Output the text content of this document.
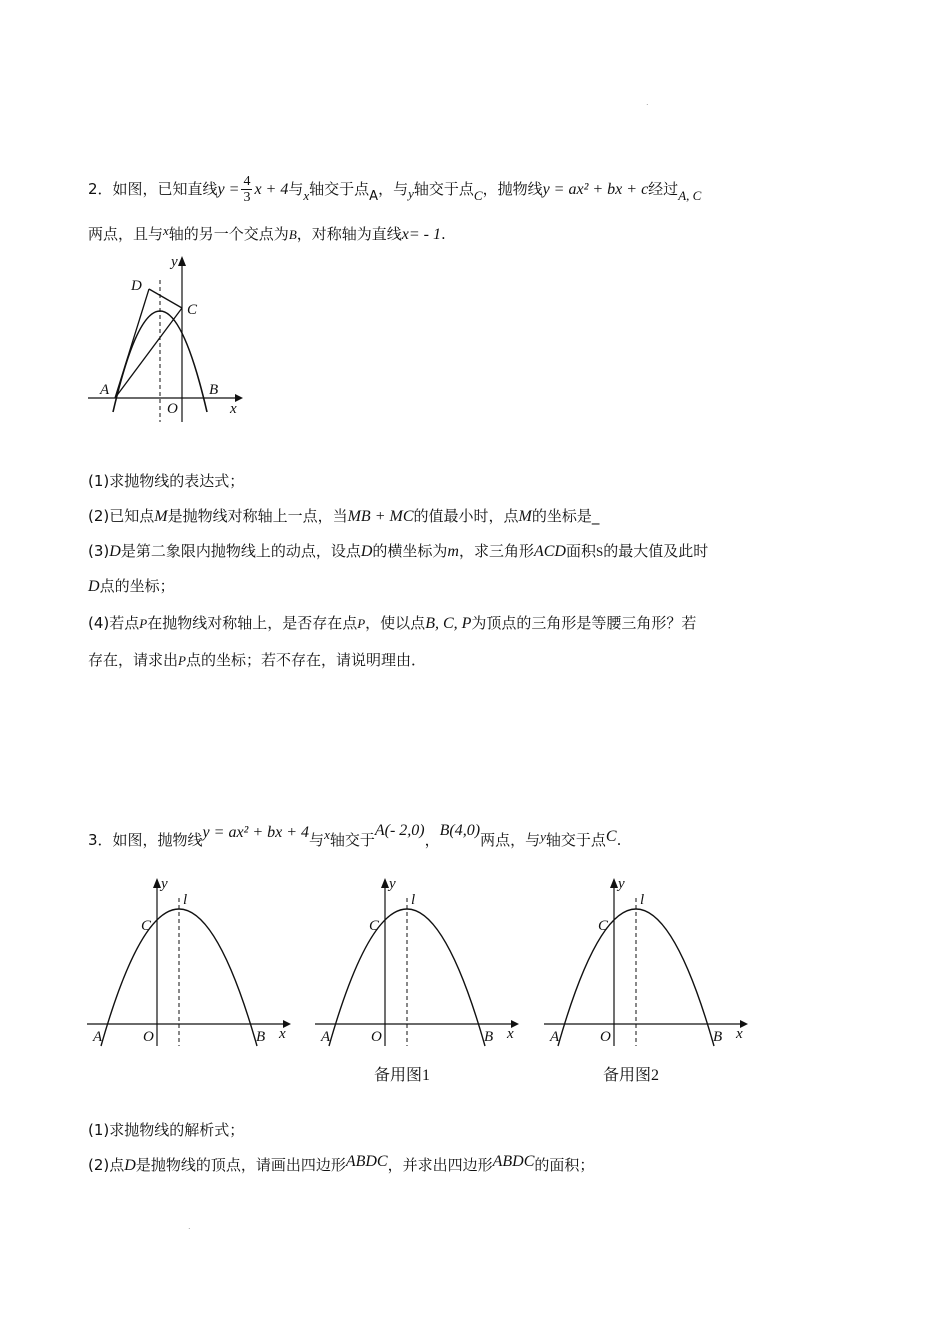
.
.
2．如图，已知直线$y = \frac{4}{3}$ x + 4与x轴交于点A，与y轴交于点C，抛物线y = ax² + bx + c经过A, C
两点，且与x轴的另一个交点为B，对称轴为直线x= - 1.
y
x
O
A	B
C
D
(1)求抛物线的表达式；
(2)已知点M是抛物线对称轴上一点，当MB + MC的值最小时，点M的坐标是_
(3)D是第二象限内抛物线上的动点，设点D的横坐标为m，求三角形ACD面积S的最大值及此时
D点的坐标；
(4)若点P在抛物线对称轴上，是否存在点P，使以点B, C, P为顶点的三角形是等腰三角形？若
存在，请求出P点的坐标；若不存在，请说明理由．
3．如图，抛物线y = ax² + bx + 4与x轴交于A(- 2,0)，B(4,0)两点，与y轴交于点C.
y
l
C
A	O	B x
y
l
C
A	O	B x
y
l
C
A	O	B x
备用图1	备用图2
(1)求抛物线的解析式；
(2)点D是抛物线的顶点，请画出四边形ABDC，并求出四边形ABDC的面积；
